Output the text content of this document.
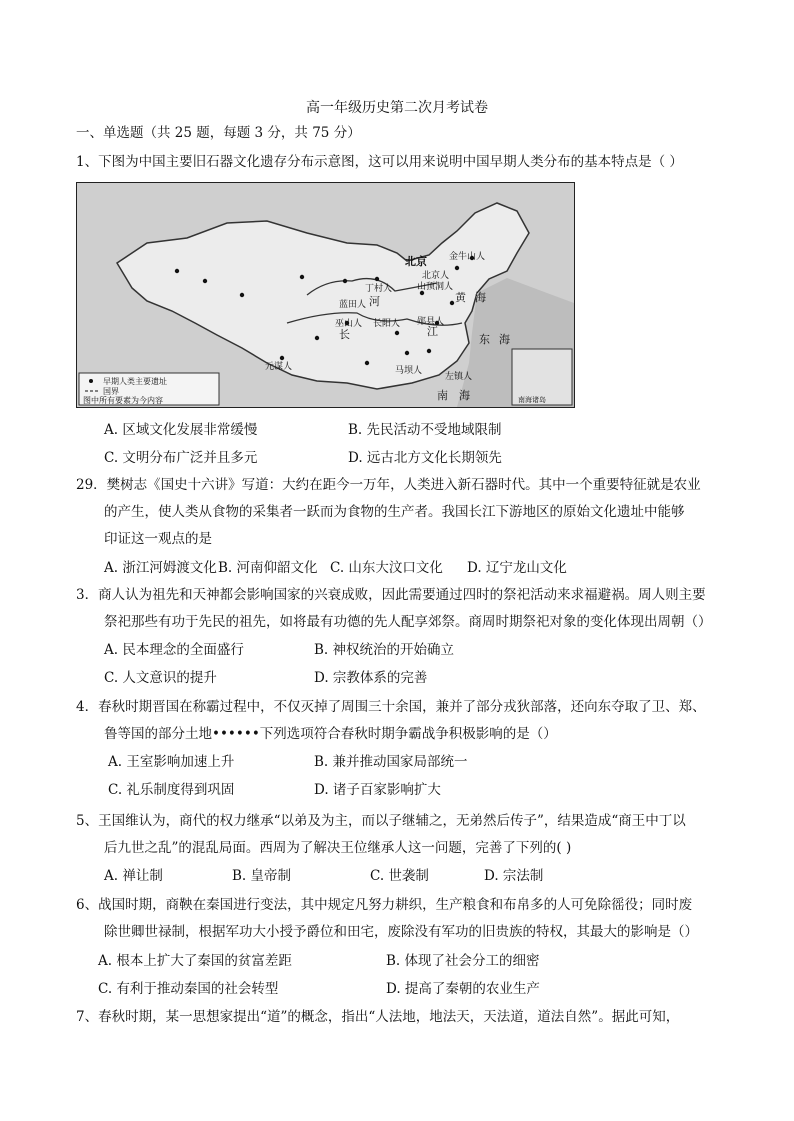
高一年级历史第二次月考试卷
一、单选题（共 25 题，每题 3 分，共 75 分）
1、下图为中国主要旧石器文化遗存分布示意图，这可以用来说明中国早期人类分布的基本特点是（ ）
北京
黄 海
东 海
南 海
长	江
河
金牛山人
北京人
山顶洞人
丁村人
蓝田人
巫山人 长阳人 郧县人
元谋人	马坝人
左镇人
南海诸岛
早期人类主要遗址
国界
图中所有要素为今内容
A. 区域文化发展非常缓慢	B. 先民活动不受地域限制
C. 文明分布广泛并且多元	D. 远古北方文化长期领先
29．樊树志《国史十六讲》写道：大约在距今一万年，人类进入新石器时代。其中一个重要特征就是农业
的产生，使人类从食物的采集者一跃而为食物的生产者。我国长江下游地区的原始文化遗址中能够
印证这一观点的是
A. 浙江河姆渡文化 B. 河南仰韶文化 C. 山东大汶口文化 D. 辽宁龙山文化
3．商人认为祖先和天神都会影响国家的兴衰成败，因此需要通过四时的祭祀活动来求福避祸。周人则主要
祭祀那些有功于先民的祖先，如将最有功德的先人配享郊祭。商周时期祭祀对象的变化体现出周朝（）
A. 民本理念的全面盛行	B. 神权统治的开始确立
C. 人文意识的提升	D. 宗教体系的完善
4．春秋时期晋国在称霸过程中，不仅灭掉了周围三十余国，兼并了部分戎狄部落，还向东夺取了卫、郑、
鲁等国的部分土地••••••下列选项符合春秋时期争霸战争积极影响的是（）
A. 王室影响加速上升	B. 兼并推动国家局部统一
C. 礼乐制度得到巩固	D. 诸子百家影响扩大
5、王国维认为，商代的权力继承“以弟及为主，而以子继辅之，无弟然后传子”，结果造成“商王中丁以
后九世之乱”的混乱局面。西周为了解决王位继承人这一问题，完善了下列的( )
A. 禅让制	B. 皇帝制	C. 世袭制	D. 宗法制
6、战国时期，商鞅在秦国进行变法，其中规定凡努力耕织，生产粮食和布帛多的人可免除徭役；同时废
除世卿世禄制，根据军功大小授予爵位和田宅，废除没有军功的旧贵族的特权，其最大的影响是（）
A. 根本上扩大了秦国的贫富差距	B. 体现了社会分工的细密
C. 有利于推动秦国的社会转型	D. 提高了秦朝的农业生产
7、春秋时期，某一思想家提出“道”的概念，指出“人法地，地法天，天法道，道法自然”。据此可知，
